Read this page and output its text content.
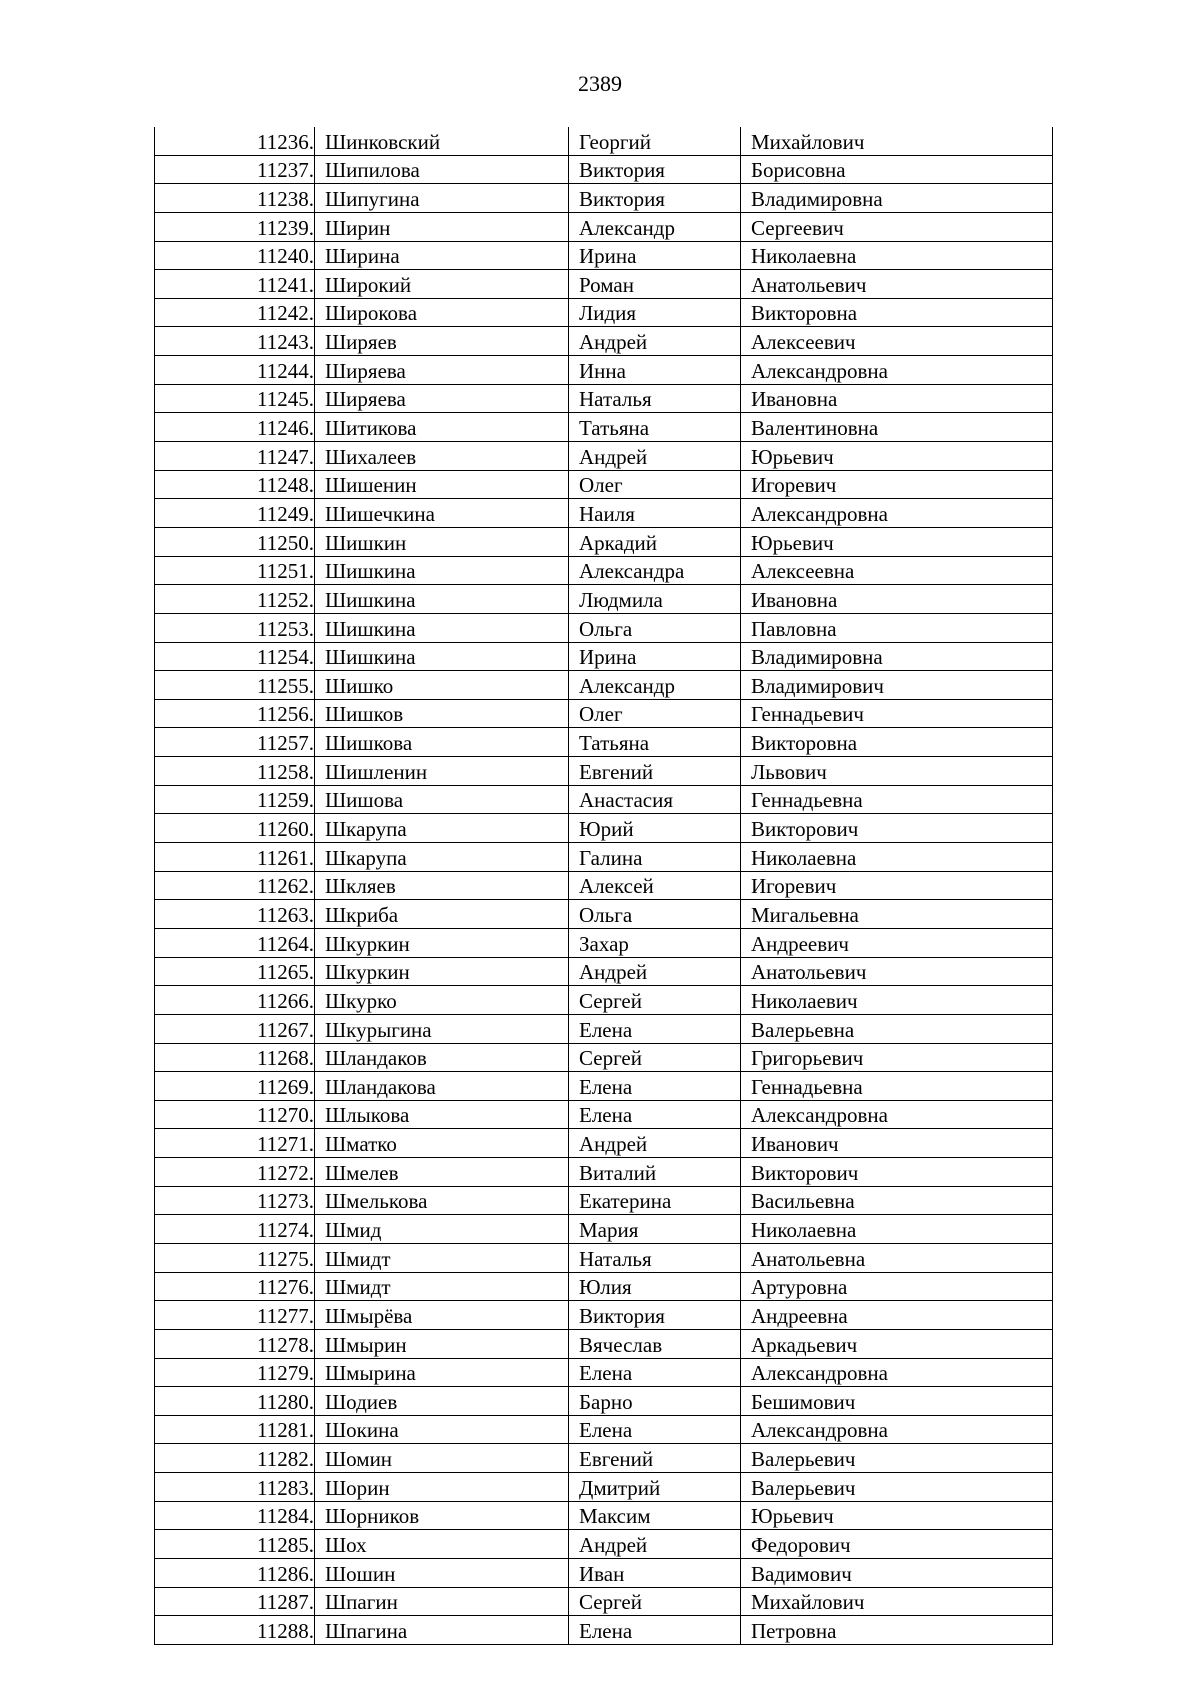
2389
11236.	Шинковский	Георгий	Михайлович
11237.	Шипилова	Виктория	Борисовна
11238.	Шипугина	Виктория	Владимировна
11239.	Ширин	Александр	Сергеевич
11240.	Ширина	Ирина	Николаевна
11241.	Широкий	Роман	Анатольевич
11242.	Широкова	Лидия	Викторовна
11243.	Ширяев	Андрей	Алексеевич
11244.	Ширяева	Инна	Александровна
11245.	Ширяева	Наталья	Ивановна
11246.	Шитикова	Татьяна	Валентиновна
11247.	Шихалеев	Андрей	Юрьевич
11248.	Шишенин	Олег	Игоревич
11249.	Шишечкина	Наиля	Александровна
11250.	Шишкин	Аркадий	Юрьевич
11251.	Шишкина	Александра	Алексеевна
11252.	Шишкина	Людмила	Ивановна
11253.	Шишкина	Ольга	Павловна
11254.	Шишкина	Ирина	Владимировна
11255.	Шишко	Александр	Владимирович
11256.	Шишков	Олег	Геннадьевич
11257.	Шишкова	Татьяна	Викторовна
11258.	Шишленин	Евгений	Львович
11259.	Шишова	Анастасия	Геннадьевна
11260.	Шкарупа	Юрий	Викторович
11261.	Шкарупа	Галина	Николаевна
11262.	Шкляев	Алексей	Игоревич
11263.	Шкриба	Ольга	Мигальевна
11264.	Шкуркин	Захар	Андреевич
11265.	Шкуркин	Андрей	Анатольевич
11266.	Шкурко	Сергей	Николаевич
11267.	Шкурыгина	Елена	Валерьевна
11268.	Шландаков	Сергей	Григорьевич
11269.	Шландакова	Елена	Геннадьевна
11270.	Шлыкова	Елена	Александровна
11271.	Шматко	Андрей	Иванович
11272.	Шмелев	Виталий	Викторович
11273.	Шмелькова	Екатерина	Васильевна
11274.	Шмид	Мария	Николаевна
11275.	Шмидт	Наталья	Анатольевна
11276.	Шмидт	Юлия	Артуровна
11277.	Шмырёва	Виктория	Андреевна
11278.	Шмырин	Вячеслав	Аркадьевич
11279.	Шмырина	Елена	Александровна
11280.	Шодиев	Барно	Бешимович
11281.	Шокина	Елена	Александровна
11282.	Шомин	Евгений	Валерьевич
11283.	Шорин	Дмитрий	Валерьевич
11284.	Шорников	Максим	Юрьевич
11285.	Шох	Андрей	Федорович
11286.	Шошин	Иван	Вадимович
11287.	Шпагин	Сергей	Михайлович
11288.	Шпагина	Елена	Петровна
